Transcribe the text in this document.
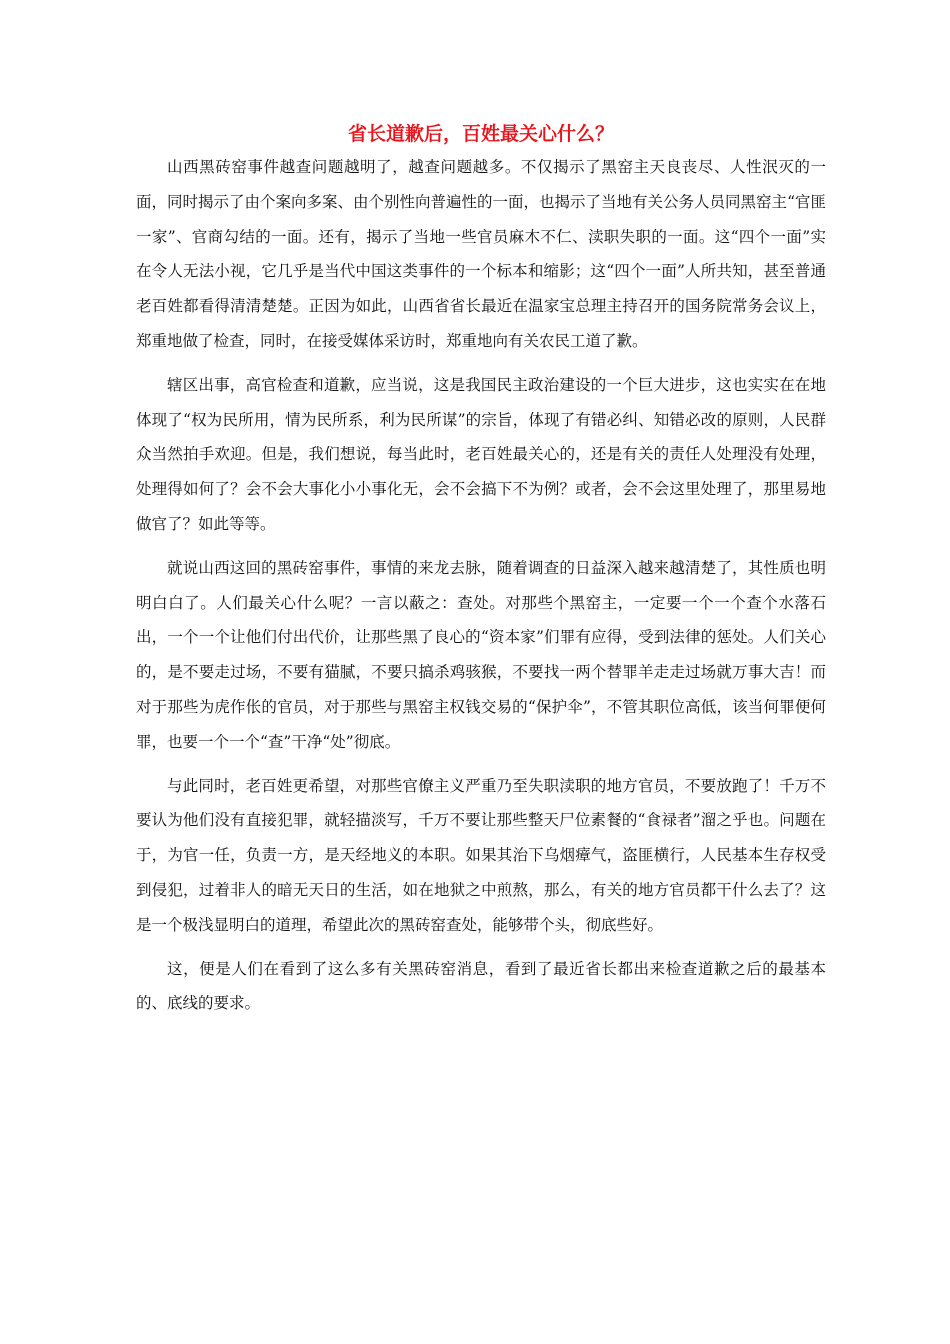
省长道歉后，百姓最关心什么？

山西黑砖窑事件越查问题越明了，越查问题越多。不仅揭示了黑窑主天良丧尽、人性泯灭的一面，同时揭示了由个案向多案、由个别性向普遍性的一面，也揭示了当地有关公务人员同黑窑主“官匪一家”、官商勾结的一面。还有，揭示了当地一些官员麻木不仁、渎职失职的一面。这“四个一面”实在令人无法小视，它几乎是当代中国这类事件的一个标本和缩影；这“四个一面”人所共知，甚至普通老百姓都看得清清楚楚。正因为如此，山西省省长最近在温家宝总理主持召开的国务院常务会议上，郑重地做了检查，同时，在接受媒体采访时，郑重地向有关农民工道了歉。

辖区出事，高官检查和道歉，应当说，这是我国民主政治建设的一个巨大进步，这也实实在在地体现了“权为民所用，情为民所系，利为民所谋”的宗旨，体现了有错必纠、知错必改的原则，人民群众当然拍手欢迎。但是，我们想说，每当此时，老百姓最关心的，还是有关的责任人处理没有处理，处理得如何了？会不会大事化小小事化无，会不会搞下不为例？或者，会不会这里处理了，那里易地做官了？如此等等。

就说山西这回的黑砖窑事件，事情的来龙去脉，随着调查的日益深入越来越清楚了，其性质也明明白白了。人们最关心什么呢？一言以蔽之：查处。对那些个黑窑主，一定要一个一个查个水落石出，一个一个让他们付出代价，让那些黑了良心的“资本家”们罪有应得，受到法律的惩处。人们关心的，是不要走过场，不要有猫腻，不要只搞杀鸡骇猴，不要找一两个替罪羊走走过场就万事大吉！而对于那些为虎作伥的官员，对于那些与黑窑主权钱交易的“保护伞”，不管其职位高低，该当何罪便何罪，也要一个一个“查”干净“处”彻底。

与此同时，老百姓更希望，对那些官僚主义严重乃至失职渎职的地方官员，不要放跑了！千万不要认为他们没有直接犯罪，就轻描淡写，千万不要让那些整天尸位素餐的“食禄者”溜之乎也。问题在于，为官一任，负责一方，是天经地义的本职。如果其治下乌烟瘴气，盗匪横行，人民基本生存权受到侵犯，过着非人的暗无天日的生活，如在地狱之中煎熬，那么，有关的地方官员都干什么去了？这是一个极浅显明白的道理，希望此次的黑砖窑查处，能够带个头，彻底些好。

这，便是人们在看到了这么多有关黑砖窑消息，看到了最近省长都出来检查道歉之后的最基本的、底线的要求。
